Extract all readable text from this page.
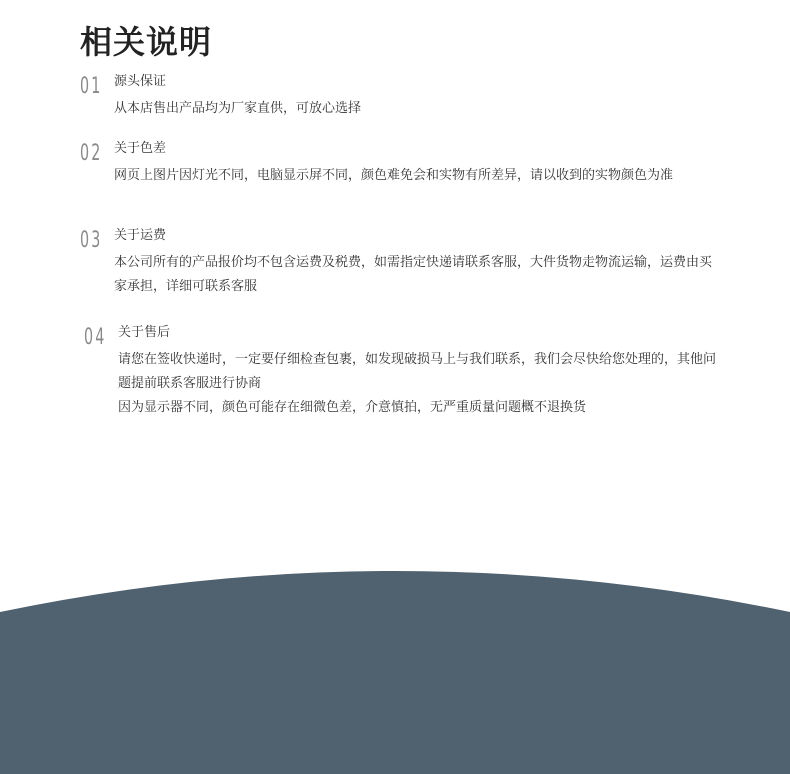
相关说明
01 源头保证

从本店售出产品均为厂家直供，可放心选择

02 关于色差

网页上图片因灯光不同，电脑显示屏不同，颜色难免会和实物有所差异，请以收到的实物颜色为准

03 关于运费

本公司所有的产品报价均不包含运费及税费，如需指定快递请联系客服，大件货物走物流运输，运费由买家承担，详细可联系客服

04 关于售后

请您在签收快递时，一定要仔细检查包裹，如发现破损马上与我们联系，我们会尽快给您处理的，其他问题提前联系客服进行协商

因为显示器不同，颜色可能存在细微色差，介意慎拍，无严重质量问题概不退换货
